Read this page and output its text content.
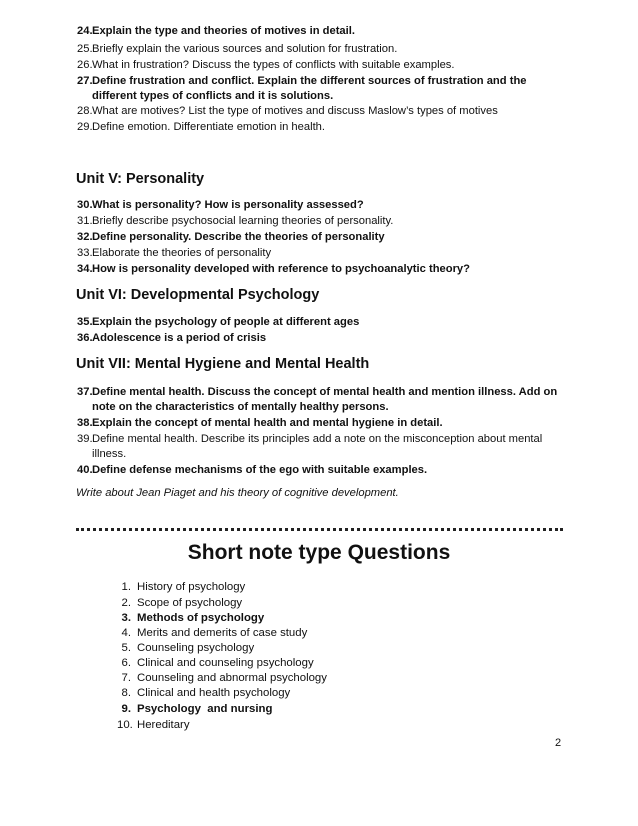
24. Explain the type and theories of motives in detail.
25. Briefly explain the various sources and solution for frustration.
26. What in frustration? Discuss the types of conflicts with suitable examples.
27. Define frustration and conflict. Explain the different sources of frustration and the different types of conflicts and it is solutions.
28. What are motives? List the type of motives and discuss Maslow’s types of motives
29. Define emotion. Differentiate emotion in health.
Unit V: Personality
30. What is personality? How is personality assessed?
31. Briefly describe psychosocial learning theories of personality.
32. Define personality. Describe the theories of personality
33. Elaborate the theories of personality
34. How is personality developed with reference to psychoanalytic theory?
Unit VI: Developmental Psychology
35. Explain the psychology of people at different ages
36. Adolescence is a period of crisis
Unit VII: Mental Hygiene and Mental Health
37. Define mental health. Discuss the concept of mental health and mention illness. Add on note on the characteristics of mentally healthy persons.
38. Explain the concept of mental health and mental hygiene in detail.
39. Define mental health. Describe its principles add a note on the misconception about mental illness.
40. Define defense mechanisms of the ego with suitable examples.
Write about Jean Piaget and his theory of cognitive development.
Short note type Questions
1. History of psychology
2. Scope of psychology
3. Methods of psychology
4. Merits and demerits of case study
5. Counseling psychology
6. Clinical and counseling psychology
7. Counseling and abnormal psychology
8. Clinical and health psychology
9. Psychology  and nursing
10. Hereditary
2
